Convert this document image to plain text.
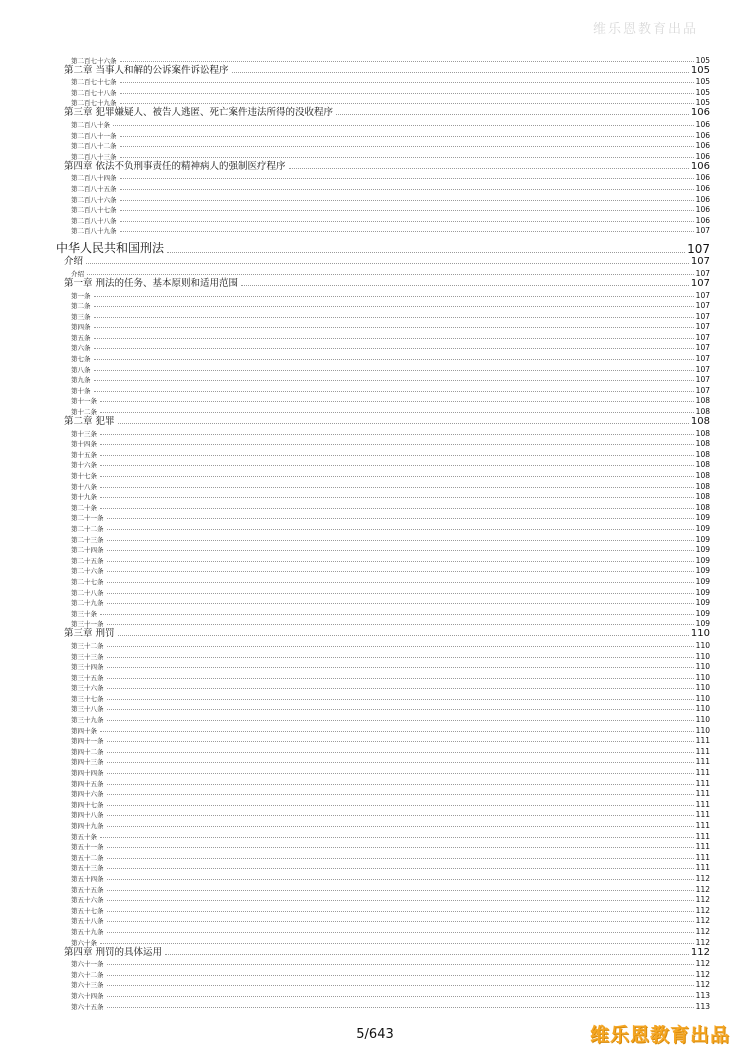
维乐恩教育出品
第二百七十六条	105
第二章 当事人和解的公诉案件诉讼程序	105
第二百七十七条	105
第二百七十八条	105
第二百七十九条	105
第三章 犯罪嫌疑人、被告人逃匿、死亡案件违法所得的没收程序	106
第二百八十条	106
第二百八十一条	106
第二百八十二条	106
第二百八十三条	106
第四章 依法不负刑事责任的精神病人的强制医疗程序	106
第二百八十四条	106
第二百八十五条	106
第二百八十六条	106
第二百八十七条	106
第二百八十八条	106
第二百八十九条	107
中华人民共和国刑法	107
介绍	107
介绍	107
第一章 刑法的任务、基本原则和适用范围	107
第一条	107
第二条	107
第三条	107
第四条	107
第五条	107
第六条	107
第七条	107
第八条	107
第九条	107
第十条	107
第十一条	108
第十二条	108
第二章 犯罪	108
第十三条	108
第十四条	108
第十五条	108
第十六条	108
第十七条	108
第十八条	108
第十九条	108
第二十条	108
第二十一条	109
第二十二条	109
第二十三条	109
第二十四条	109
第二十五条	109
第二十六条	109
第二十七条	109
第二十八条	109
第二十九条	109
第三十条	109
第三十一条	109
第三章 刑罚	110
第三十二条	110
第三十三条	110
第三十四条	110
第三十五条	110
第三十六条	110
第三十七条	110
第三十八条	110
第三十九条	110
第四十条	110
第四十一条	111
第四十二条	111
第四十三条	111
第四十四条	111
第四十五条	111
第四十六条	111
第四十七条	111
第四十八条	111
第四十九条	111
第五十条	111
第五十一条	111
第五十二条	111
第五十三条	111
第五十四条	112
第五十五条	112
第五十六条	112
第五十七条	112
第五十八条	112
第五十九条	112
第六十条	112
第四章 刑罚的具体运用	112
第六十一条	112
第六十二条	112
第六十三条	112
第六十四条	113
第六十五条	113
5/643	维乐恩教育出品
